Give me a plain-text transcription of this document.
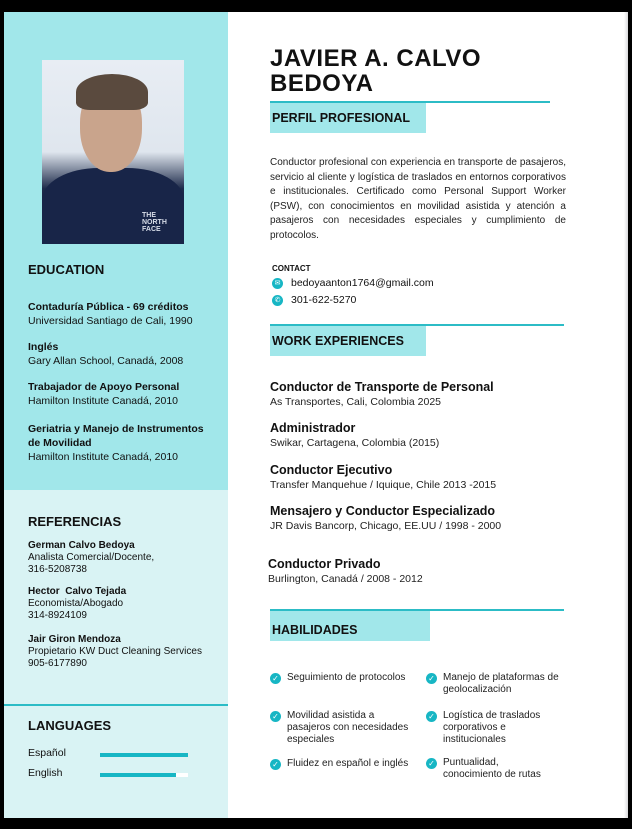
THE NORTH FACE
EDUCATION
Contaduría Pública - 69 créditos
Universidad Santiago de Cali, 1990
Inglés
Gary Allan School, Canadá, 2008
Trabajador de Apoyo Personal
Hamilton Institute Canadá, 2010
Geriatria y Manejo de Instrumentos de Movilidad
Hamilton Institute Canadá, 2010
REFERENCIAS
German Calvo Bedoya
Analista Comercial/Docente,
316-5208738
Hector  Calvo Tejada
Economista/Abogado
314-8924109
Jair Giron Mendoza
Propietario KW Duct Cleaning Services
905-6177890
LANGUAGES
Español
English
JAVIER A. CALVO
BEDOYA
PERFIL PROFESIONAL
Conductor profesional con experiencia en transporte de pasajeros, servicio al cliente y logística de traslados en entornos corporativos e institucionales. Certificado como Personal Support Worker (PSW), con conocimientos en movilidad asistida y atención a pasajeros con necesidades especiales y cumplimiento de protocolos.
CONTACT
✉ bedoyaanton1764@gmail.com
✆ 301-622-5270
WORK EXPERIENCES
Conductor de Transporte de Personal
As Transportes, Cali, Colombia 2025
Administrador
Swikar, Cartagena, Colombia (2015)
Conductor Ejecutivo
Transfer Manquehue / Iquique, Chile 2013 -2015
Mensajero y Conductor Especializado
JR Davis Bancorp, Chicago, EE.UU / 1998 - 2000
Conductor Privado
Burlington, Canadá / 2008 - 2012
HABILIDADES
✓ Seguimiento de protocolos	✓ Manejo de plataformas de geolocalización
✓ Movilidad asistida a pasajeros con necesidades especiales
✓ Logística de traslados corporativos e institucionales
✓ Fluidez en español e inglés ✓ Puntualidad, conocimiento de rutas
